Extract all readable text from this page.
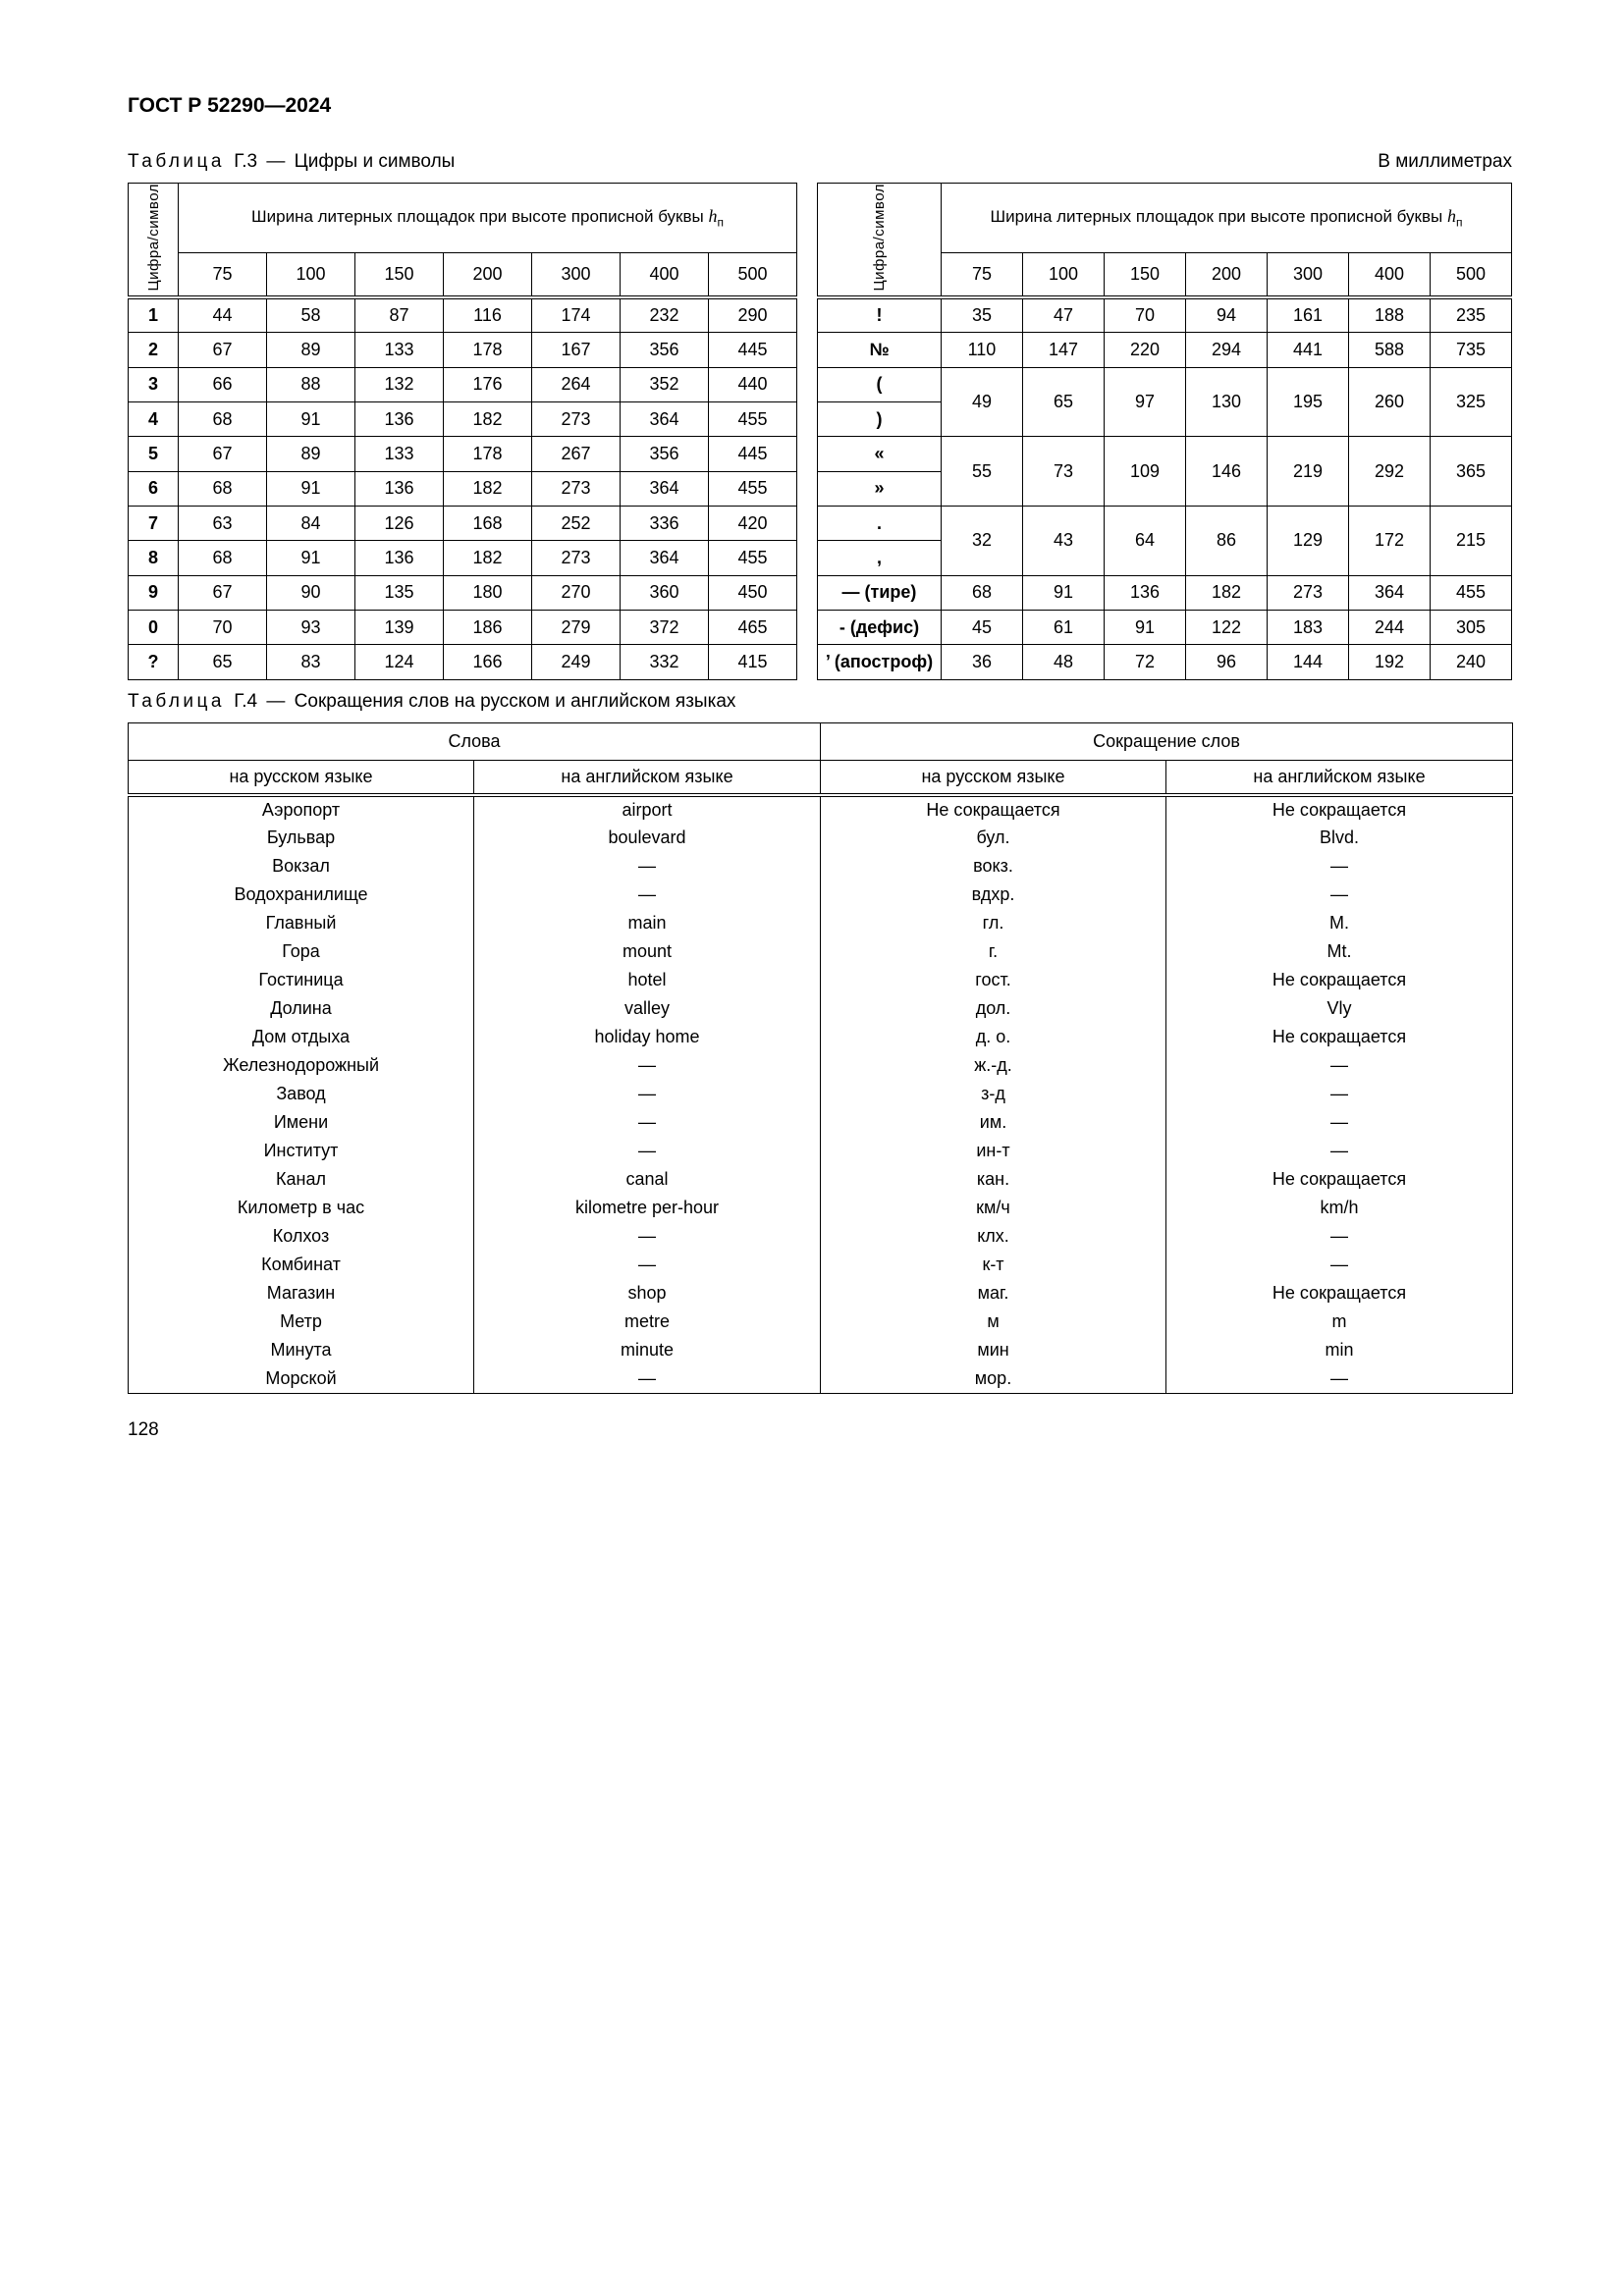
ГОСТ Р 52290—2024
Таблица Г.3 — Цифры и символы	В миллиметрах
Цифра/символ	Ширина литерных площадок при высоте прописной буквы $h_п$
	75	100	150	200	300	400	500
1	44	58	87	116	174	232	290
2	67	89	133	178	167	356	445
3	66	88	132	176	264	352	440
4	68	91	136	182	273	364	455
5	67	89	133	178	267	356	445
6	68	91	136	182	273	364	455
7	63	84	126	168	252	336	420
8	68	91	136	182	273	364	455
9	67	90	135	180	270	360	450
0	70	93	139	186	279	372	465
?	65	83	124	166	249	332	415
Цифра/символ	Ширина литерных площадок при высоте прописной буквы $h_п$
	75	100	150	200	300	400	500
!	35	47	70	94	161	188	235
№	110	147	220	294	441	588	735
(	49	65	97	130	195	260	325
)							
«	55	73	109	146	219	292	365
»							
.	32	43	64	86	129	172	215
,							
— (тире)	68	91	136	182	273	364	455
- (дефис)	45	61	91	122	183	244	305
’ (апостроф)	36	48	72	96	144	192	240
Таблица Г.4 — Сокращения слов на русском и английском языках
Слова		Сокращение слов	
на русском языке	на английском языке	на русском языке	на английском языке
Аэропорт	airport	Не сокращается	Не сокращается
Бульвар	boulevard	бул.	Blvd.
Вокзал	—	вокз.	—
Водохранилище	—	вдхр.	—
Главный	main	гл.	M.
Гора	mount	г.	Mt.
Гостиница	hotel	гост.	Не сокращается
Долина	valley	дол.	Vly
Дом отдыха	holiday home	д. о.	Не сокращается
Железнодорожный	—	ж.-д.	—
Завод	—	з-д	—
Имени	—	им.	—
Институт	—	ин-т	—
Канал	canal	кан.	Не сокращается
Километр в час	kilometre per-hour	км/ч	km/h
Колхоз	—	клх.	—
Комбинат	—	к-т	—
Магазин	shop	маг.	Не сокращается
Метр	metre	м	m
Минута	minute	мин	min
Морской	—	мор.	—
128
